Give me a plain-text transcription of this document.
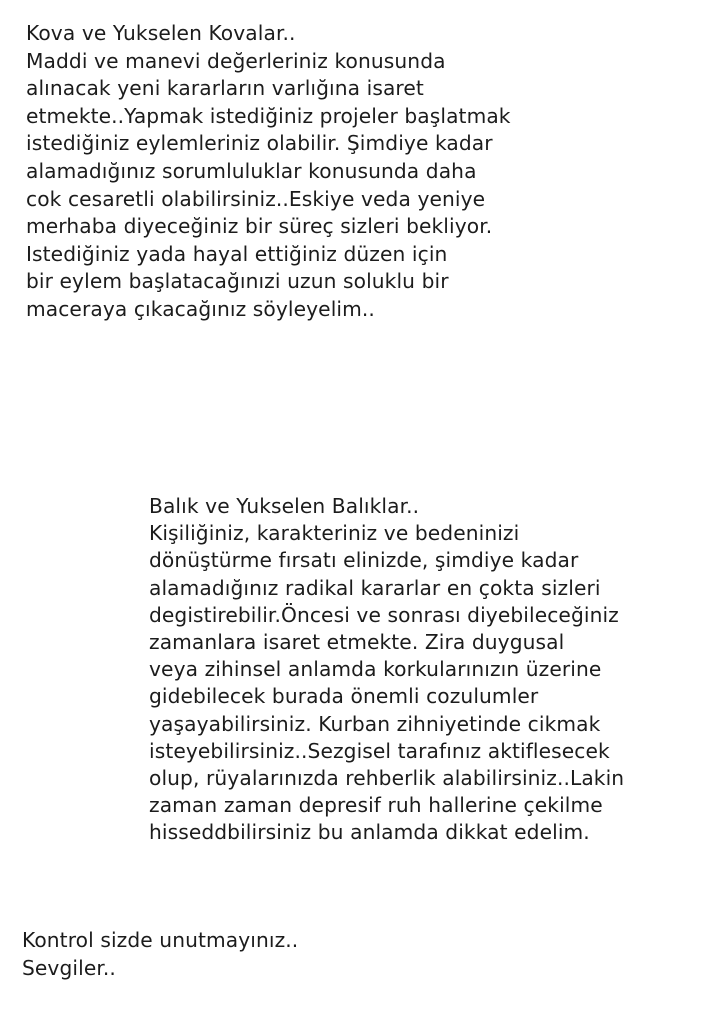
Kova ve Yukselen Kovalar..
Maddi ve manevi değerleriniz konusunda
alınacak yeni kararların varlığına isaret
etmekte..Yapmak istediğiniz projeler başlatmak
istediğiniz eylemleriniz olabilir. Şimdiye kadar
alamadığınız sorumluluklar konusunda daha
cok cesaretli olabilirsiniz..Eskiye veda yeniye
merhaba diyeceğiniz bir süreç sizleri bekliyor.
Istediğiniz yada hayal ettiğiniz düzen için
bir eylem başlatacağınızi uzun soluklu bir
maceraya çıkacağınız söyleyelim..
Balık ve Yukselen Balıklar..
Kişiliğiniz, karakteriniz ve bedeninizi
dönüştürme fırsatı elinizde, şimdiye kadar
alamadığınız radikal kararlar en çokta sizleri
degistirebilir.Öncesi ve sonrası diyebileceğiniz
zamanlara isaret etmekte. Zira duygusal
veya zihinsel anlamda korkularınızın üzerine
gidebilecek burada önemli cozulumler
yaşayabilirsiniz. Kurban zihniyetinde cikmak
isteyebilirsiniz..Sezgisel tarafınız aktiflesecek
olup, rüyalarınızda rehberlik alabilirsiniz..Lakin
zaman zaman depresif ruh hallerine çekilme
hisseddbilirsiniz bu anlamda dikkat edelim.
Kontrol sizde unutmayınız..
Sevgiler..
